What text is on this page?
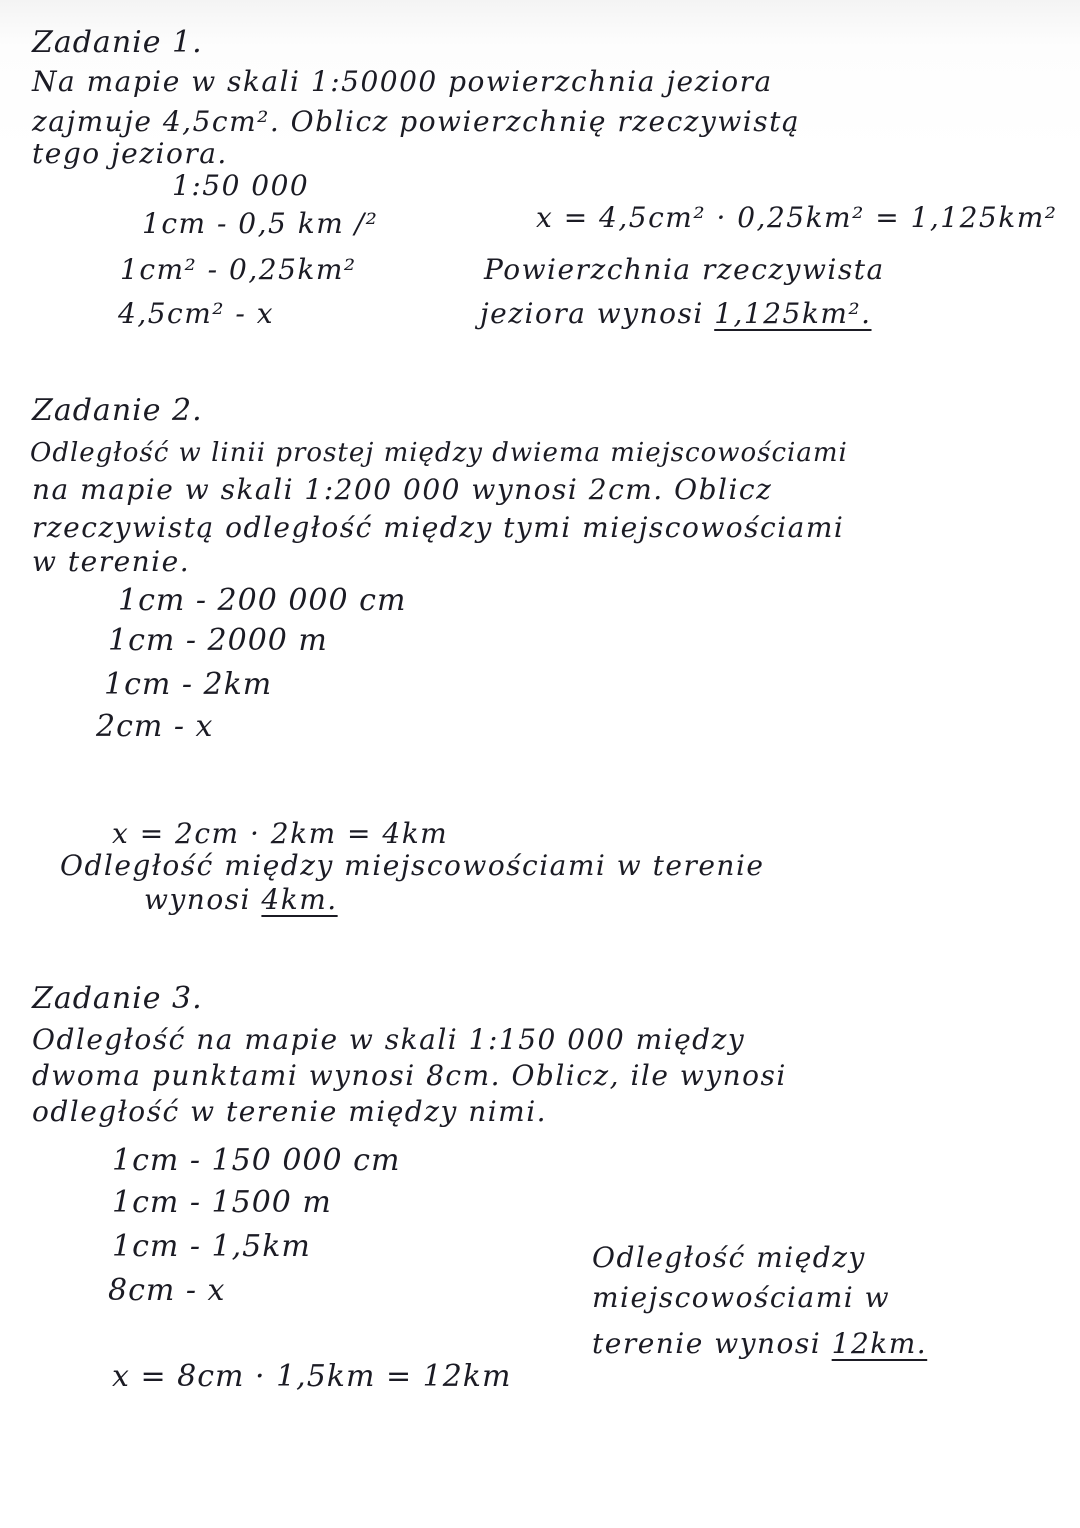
Zadanie 1.
Na mapie w skali 1:50000 powierzchnia jeziora
zajmuje 4,5cm². Oblicz powierzchnię rzeczywistą
tego jeziora.
1:50 000
1cm - 0,5 km /²
1cm² - 0,25km²
4,5cm² - x
x = 4,5cm² · 0,25km² = 1,125km²
Powierzchnia rzeczywista
jeziora wynosi 1,125km².
Zadanie 2.
Odległość w linii prostej między dwiema miejscowościami
na mapie w skali 1:200 000 wynosi 2cm. Oblicz
rzeczywistą odległość między tymi miejscowościami
w terenie.
1cm - 200 000 cm
1cm - 2000 m
1cm - 2km
2cm - x
x = 2cm · 2km = 4km
Odległość między miejscowościami w terenie
wynosi 4km.
Zadanie 3.
Odległość na mapie w skali 1:150 000 między
dwoma punktami wynosi 8cm. Oblicz, ile wynosi
odległość w terenie między nimi.
1cm - 150 000 cm
1cm - 1500 m
1cm - 1,5km
8cm - x
x = 8cm · 1,5km = 12km
Odległość między
miejscowościami w
terenie wynosi 12km.
